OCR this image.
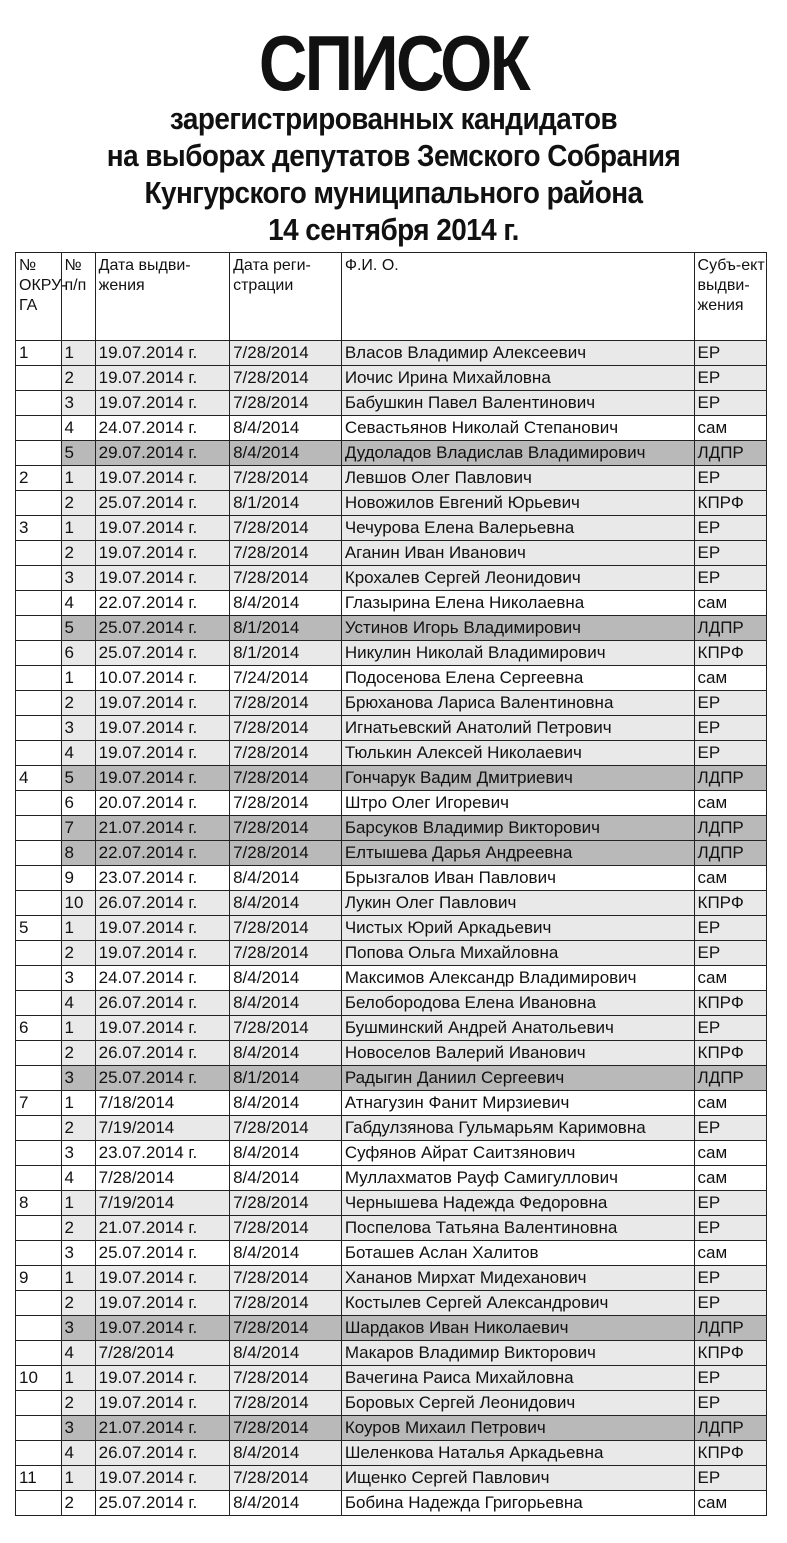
СПИСОК
зарегистрированных кандидатов
на выборах депутатов Земского Собрания
Кунгурского муниципального района
14 сентября 2014 г.
№ ОКРУ-ГА	№ п/п	Дата выдви-жения	Дата реги-страции	Ф.И. О.	Субъ-ект выдви-жения
1	1	19.07.2014 г.	7/28/2014	Власов Владимир Алексеевич	ЕР
	2	19.07.2014 г.	7/28/2014	Иочис Ирина Михайловна	ЕР
	3	19.07.2014 г.	7/28/2014	Бабушкин Павел Валентинович	ЕР
	4	24.07.2014 г.	8/4/2014	Севастьянов Николай Степанович	сам
	5	29.07.2014 г.	8/4/2014	Дудоладов Владислав Владимирович	ЛДПР
2	1	19.07.2014 г.	7/28/2014	Левшов Олег Павлович	ЕР
	2	25.07.2014 г.	8/1/2014	Новожилов Евгений Юрьевич	КПРФ
3	1	19.07.2014 г.	7/28/2014	Чечурова Елена Валерьевна	ЕР
	2	19.07.2014 г.	7/28/2014	Аганин Иван Иванович	ЕР
	3	19.07.2014 г.	7/28/2014	Крохалев Сергей Леонидович	ЕР
	4	22.07.2014 г.	8/4/2014	Глазырина Елена Николаевна	сам
	5	25.07.2014 г.	8/1/2014	Устинов Игорь Владимирович	ЛДПР
	6	25.07.2014 г.	8/1/2014	Никулин Николай Владимирович	КПРФ
	1	10.07.2014 г.	7/24/2014	Подосенова Елена Сергеевна	сам
	2	19.07.2014 г.	7/28/2014	Брюханова Лариса Валентиновна	ЕР
	3	19.07.2014 г.	7/28/2014	Игнатьевский Анатолий Петрович	ЕР
	4	19.07.2014 г.	7/28/2014	Тюлькин Алексей Николаевич	ЕР
4	5	19.07.2014 г.	7/28/2014	Гончарук Вадим Дмитриевич	ЛДПР
	6	20.07.2014 г.	7/28/2014	Штро Олег Игоревич	сам
	7	21.07.2014 г.	7/28/2014	Барсуков Владимир Викторович	ЛДПР
	8	22.07.2014 г.	7/28/2014	Елтышева Дарья Андреевна	ЛДПР
	9	23.07.2014 г.	8/4/2014	Брызгалов Иван Павлович	сам
	10	26.07.2014 г.	8/4/2014	Лукин Олег Павлович	КПРФ
5	1	19.07.2014 г.	7/28/2014	Чистых Юрий Аркадьевич	ЕР
	2	19.07.2014 г.	7/28/2014	Попова Ольга Михайловна	ЕР
	3	24.07.2014 г.	8/4/2014	Максимов Александр Владимирович	сам
	4	26.07.2014 г.	8/4/2014	Белобородова Елена Ивановна	КПРФ
6	1	19.07.2014 г.	7/28/2014	Бушминский Андрей Анатольевич	ЕР
	2	26.07.2014 г.	8/4/2014	Новоселов Валерий Иванович	КПРФ
	3	25.07.2014 г.	8/1/2014	Радыгин Даниил Сергеевич	ЛДПР
7	1	7/18/2014	8/4/2014	Атнагузин Фанит Мирзиевич	сам
	2	7/19/2014	7/28/2014	Габдулзянова Гульмарьям Каримовна	ЕР
	3	23.07.2014 г.	8/4/2014	Суфянов Айрат Саитзянович	сам
	4	7/28/2014	8/4/2014	Муллахматов Рауф Самигуллович	сам
8	1	7/19/2014	7/28/2014	Чернышева Надежда Федоровна	ЕР
	2	21.07.2014 г.	7/28/2014	Поспелова Татьяна Валентиновна	ЕР
	3	25.07.2014 г.	8/4/2014	Боташев Аслан Халитов	сам
9	1	19.07.2014 г.	7/28/2014	Хананов Мирхат Мидеханович	ЕР
	2	19.07.2014 г.	7/28/2014	Костылев Сергей Александрович	ЕР
	3	19.07.2014 г.	7/28/2014	Шардаков Иван Николаевич	ЛДПР
	4	7/28/2014	8/4/2014	Макаров Владимир Викторович	КПРФ
10	1	19.07.2014 г.	7/28/2014	Вачегина Раиса Михайловна	ЕР
	2	19.07.2014 г.	7/28/2014	Боровых Сергей Леонидович	ЕР
	3	21.07.2014 г.	7/28/2014	Коуров Михаил Петрович	ЛДПР
	4	26.07.2014 г.	8/4/2014	Шеленкова Наталья Аркадьевна	КПРФ
11	1	19.07.2014 г.	7/28/2014	Ищенко Сергей Павлович	ЕР
	2	25.07.2014 г.	8/4/2014	Бобина Надежда Григорьевна	сам
